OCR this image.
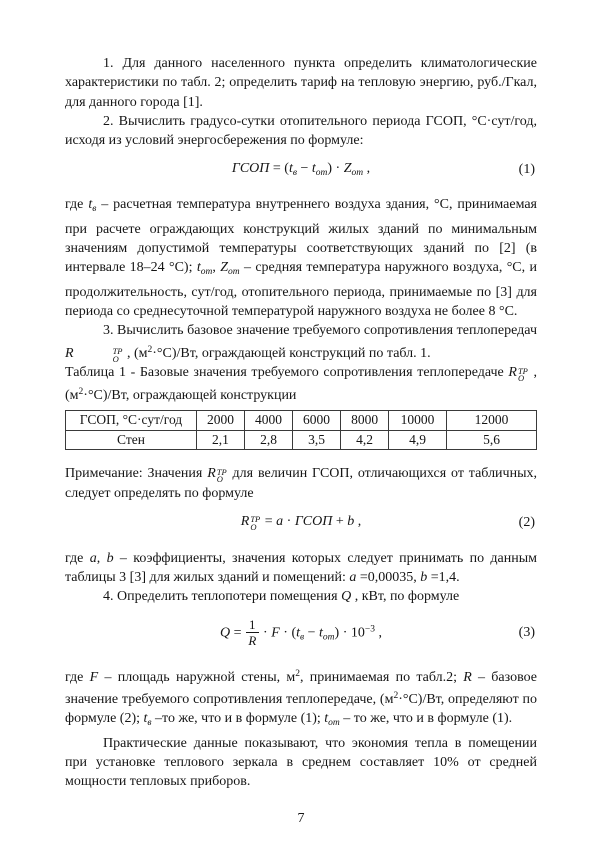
1. Для данного населенного пункта определить климатологические характеристики по табл. 2; определить тариф на тепловую энергию, руб./Гкал, для данного города [1].

2. Вычислить градусо-сутки отопительного периода ГСОП, °С·сут/год, исходя из условий энергосбережения по формуле:

ГСОП = $(t_в - t_{от}) \cdot Z_{от}$ ,	(1)

где $t_в$ – расчетная температура внутреннего воздуха здания, °С, принимаемая при расчете ограждающих конструкций жилых зданий по минимальным значениям допустимой температуры соответствующих зданий по [2] (в интервале 18–24 °С); $t_{от}$, $Z_{от}$ – средняя температура наружного воздуха, °С, и продолжительность, сут/год, отопительного периода, принимаемые по [3] для периода со среднесуточной температурой наружного воздуха не более 8 °С.

3. Вычислить базовое значение требуемого сопротивления теплопередач R	ТР
О , $(м^2\cdot^\circ С)/Вт$, ограждающей конструкций по табл. 1.

Таблица 1 - Базовые значения требуемого сопротивления теплопередаче R ТР
О , $(м^2\cdot^\circ С)/Вт$, ограждающей конструкции

ГСОП, °С·сут/год	2000	4000	6000	8000	10000	12000
Стен	2,1	2,8	3,5	4,2	4,9	5,6

Примечание: Значения R ТР
О для величин ГСОП, отличающихся от табличных, следует определять по формуле

R ТР
О = a · ГСОП + b ,	(2)

где a, b – коэффициенты, значения которых следует принимать по данным таблицы 3 [3] для жилых зданий и помещений: a =0,00035, b =1,4.

4. Определить теплопотери помещения Q , кВт, по формуле

$Q = \frac{1}{R} \cdot F \cdot (t_в - t_{от}) \cdot 10^{-3}$ ,	(3)

где F – площадь наружной стены, $м^2$, принимаемая по табл.2; R – базовое значение требуемого сопротивления теплопередаче, $(м^2\cdot^\circ С)/Вт$, определяют по формуле (2); $t_в$ –то же, что и в формуле (1); $t_{от}$ – то же, что и в формуле (1).

Практические данные показывают, что экономия тепла в помещении при установке теплового зеркала в среднем составляет 10% от средней мощности тепловых приборов.

7
